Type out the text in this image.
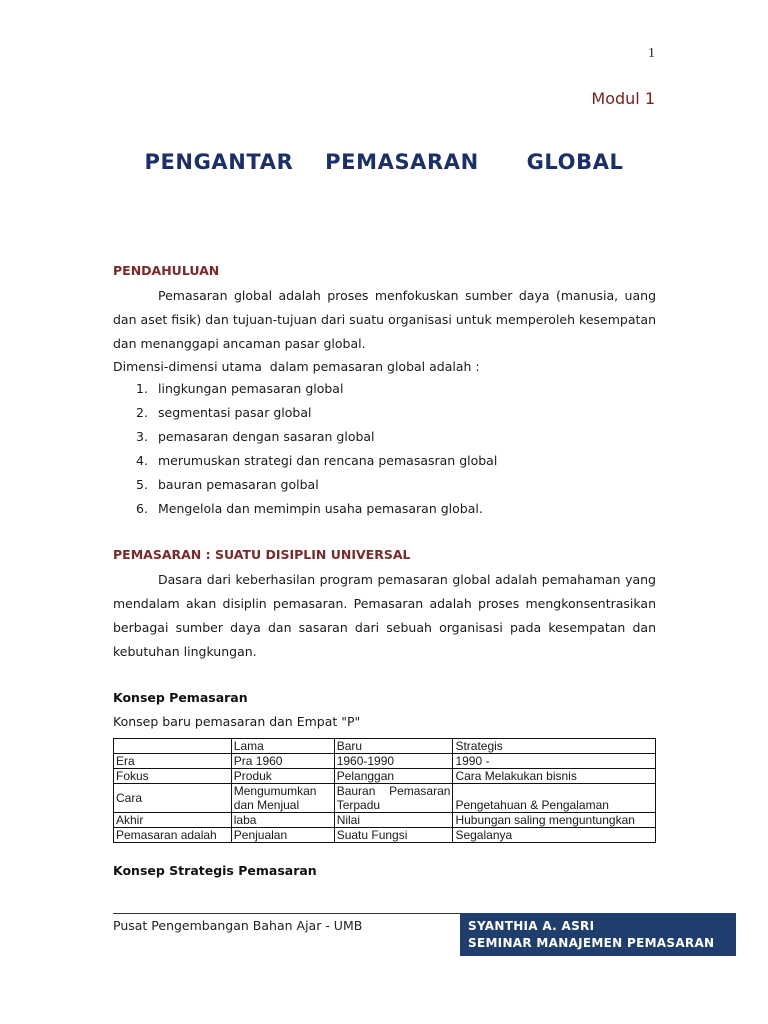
1
Modul 1
PENGANTAR  PEMASARAN   GLOBAL
PENDAHULUAN
Pemasaran global adalah proses menfokuskan sumber daya (manusia, uang dan aset fisik) dan tujuan-tujuan dari suatu organisasi untuk memperoleh kesempatan dan menanggapi ancaman pasar global.
Dimensi-dimensi utama  dalam pemasaran global adalah :
1. lingkungan pemasaran global
2. segmentasi pasar global
3. pemasaran dengan sasaran global
4. merumuskan strategi dan rencana pemasasran global
5. bauran pemasaran golbal
6. Mengelola dan memimpin usaha pemasaran global.
PEMASARAN : SUATU DISIPLIN UNIVERSAL
Dasara dari keberhasilan program pemasaran global adalah pemahaman yang mendalam akan disiplin pemasaran. Pemasaran adalah proses mengkonsentrasikan berbagai sumber daya dan sasaran dari sebuah organisasi pada kesempatan dan kebutuhan lingkungan.
Konsep Pemasaran
Konsep baru pemasaran dan Empat "P"
	Lama	Baru	Strategis
Era	Pra 1960	1960-1990	1990 -
Fokus	Produk	Pelanggan	Cara Melakukan bisnis
Cara	Mengumumkan dan Menjual	Bauran Pemasaran Terpadu	Pengetahuan & Pengalaman
Akhir	laba	Nilai	Hubungan saling menguntungkan
Pemasaran adalah	Penjualan	Suatu Fungsi	Segalanya
Konsep Strategis Pemasaran
Pusat Pengembangan Bahan Ajar - UMB	SYANTHIA A. ASRI
SEMINAR MANAJEMEN PEMASARAN
